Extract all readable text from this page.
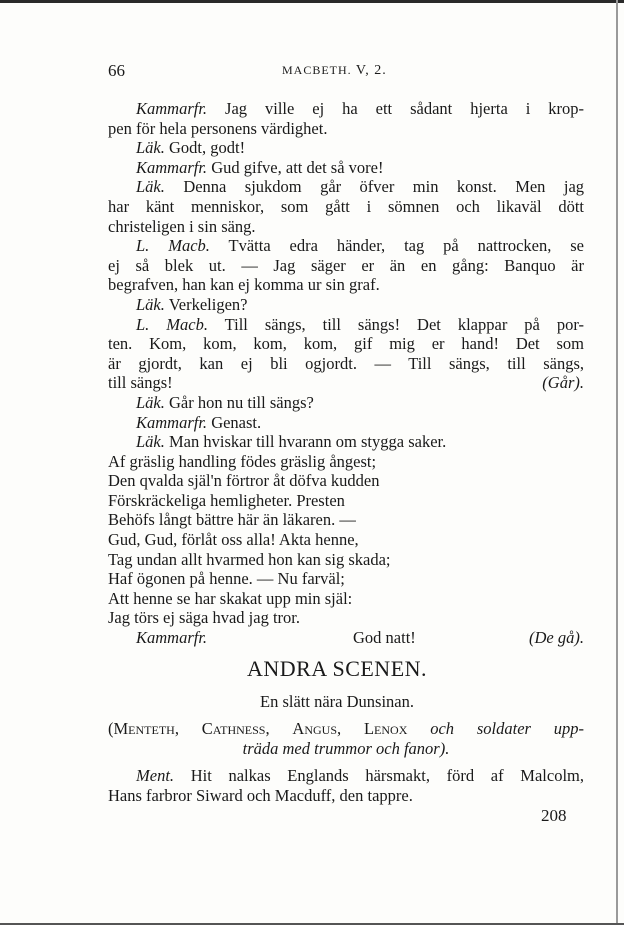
66	MACBETH. V, 2.
Kammarfr. Jag ville ej ha ett sådant hjerta i krop-
pen för hela personens värdighet.
Läk. Godt, godt!
Kammarfr. Gud gifve, att det så vore!
Läk. Denna sjukdom går öfver min konst. Men jag
har känt menniskor, som gått i sömnen och likaväl dött
christeligen i sin säng.
L. Macb. Tvätta edra händer, tag på nattrocken, se
ej så blek ut. — Jag säger er än en gång: Banquo är
begrafven, han kan ej komma ur sin graf.
Läk. Verkeligen?
L. Macb. Till sängs, till sängs! Det klappar på por-
ten. Kom, kom, kom, kom, gif mig er hand! Det som
är gjordt, kan ej bli ogjordt. — Till sängs, till sängs,
till sängs!	(Går).
Läk. Går hon nu till sängs?
Kammarfr. Genast.
Läk. Man hviskar till hvarann om stygga saker.
Af gräslig handling födes gräslig ångest;
Den qvalda själ'n förtror åt döfva kudden
Förskräckeliga hemligheter. Presten
Behöfs långt bättre här än läkaren. —
Gud, Gud, förlåt oss alla! Akta henne,
Tag undan allt hvarmed hon kan sig skada;
Haf ögonen på henne. — Nu farväl;
Att henne se har skakat upp min själ:
Jag törs ej säga hvad jag tror.
Kammarfr.	God natt!	(De gå).
ANDRA SCENEN.
En slätt nära Dunsinan.
(Menteth, Cathness, Angus, Lenox och soldater upp-
träda med trummor och fanor).
Ment. Hit nalkas Englands härsmakt, förd af Malcolm,
Hans farbror Siward och Macduff, den tappre.
208
